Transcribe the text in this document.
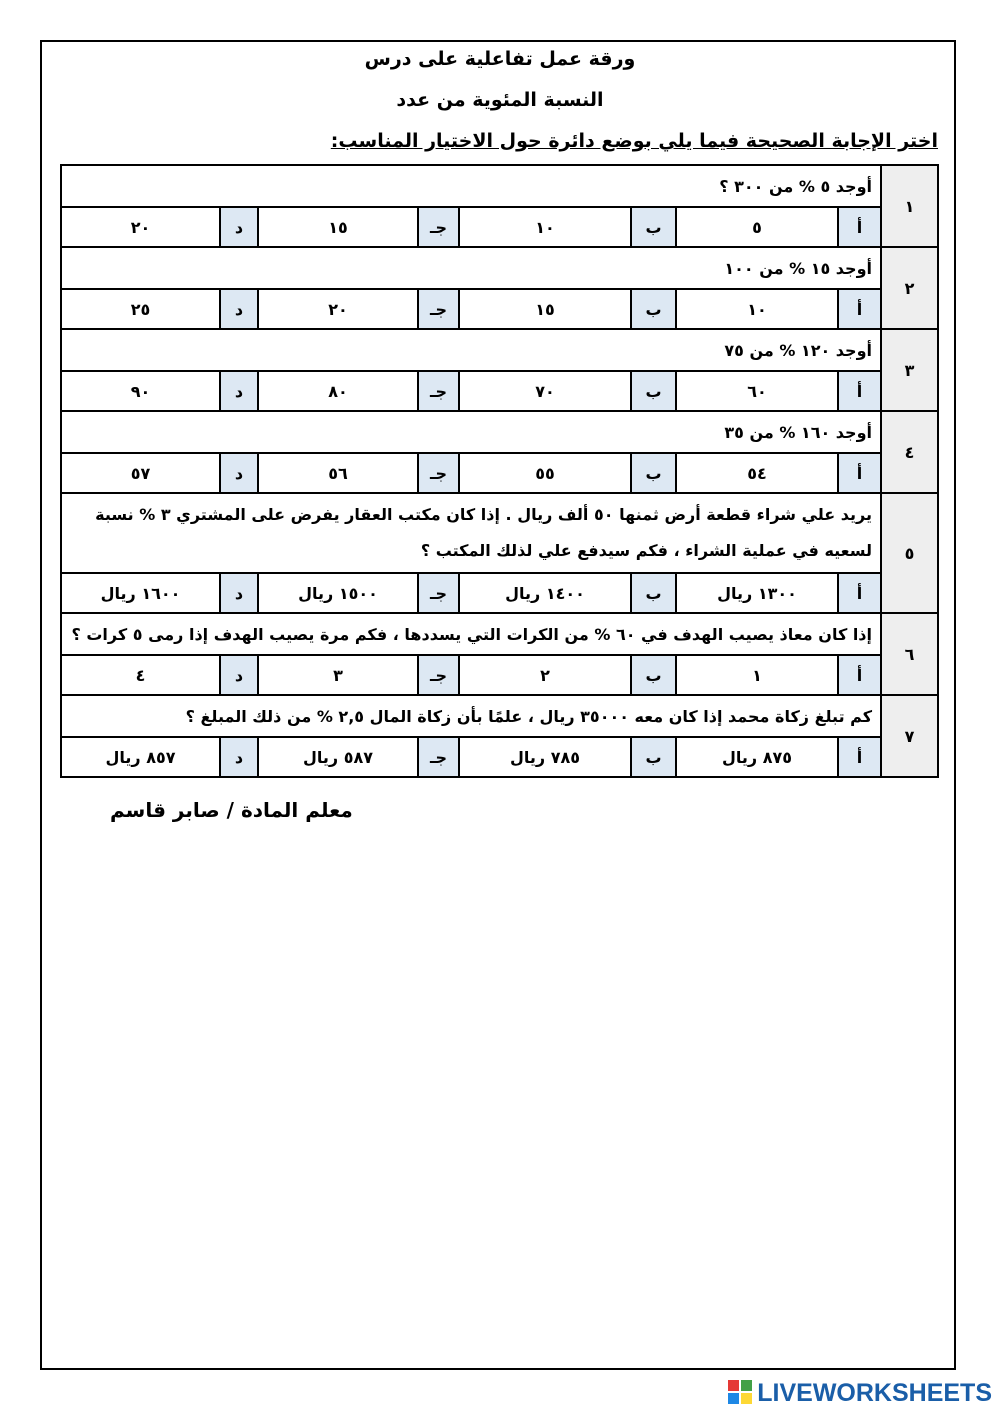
ورقة عمل تفاعلية على درس
النسبة المئوية من عدد
اختر الإجابة الصحيحة فيما يلي بوضع دائرة حول الاختيار المناسب:
١	أوجد ٥ % من ٣٠٠ ؟							
	أ	٥	ب	١٠	جـ	١٥	د	٢٠
٢	أوجد ١٥ % من ١٠٠							
	أ	١٠	ب	١٥	جـ	٢٠	د	٢٥
٣	أوجد ١٢٠ % من ٧٥							
	أ	٦٠	ب	٧٠	جـ	٨٠	د	٩٠
٤	أوجد ١٦٠ % من ٣٥							
	أ	٥٤	ب	٥٥	جـ	٥٦	د	٥٧
٥	يريد علي شراء قطعة أرض ثمنها ٥٠ ألف ريال . إذا كان مكتب العقار يفرض على المشتري ٣ % نسبة لسعيه في عملية الشراء ، فكم سيدفع علي لذلك المكتب ؟							
	أ	١٣٠٠ ريال	ب	١٤٠٠ ريال	جـ	١٥٠٠ ريال	د	١٦٠٠ ريال
٦	إذا كان معاذ يصيب الهدف في ٦٠ % من الكرات التي يسددها ، فكم مرة يصيب الهدف إذا رمى ٥ كرات ؟							
	أ	١	ب	٢	جـ	٣	د	٤
٧	كم تبلغ زكاة محمد إذا كان معه ٣٥٠٠٠ ريال ، علمًا بأن زكاة المال ٢,٥ % من ذلك المبلغ ؟							
	أ	٨٧٥ ريال	ب	٧٨٥ ريال	جـ	٥٨٧ ريال	د	٨٥٧ ريال
معلم المادة / صابر قاسم
LIVEWORKSHEETS
